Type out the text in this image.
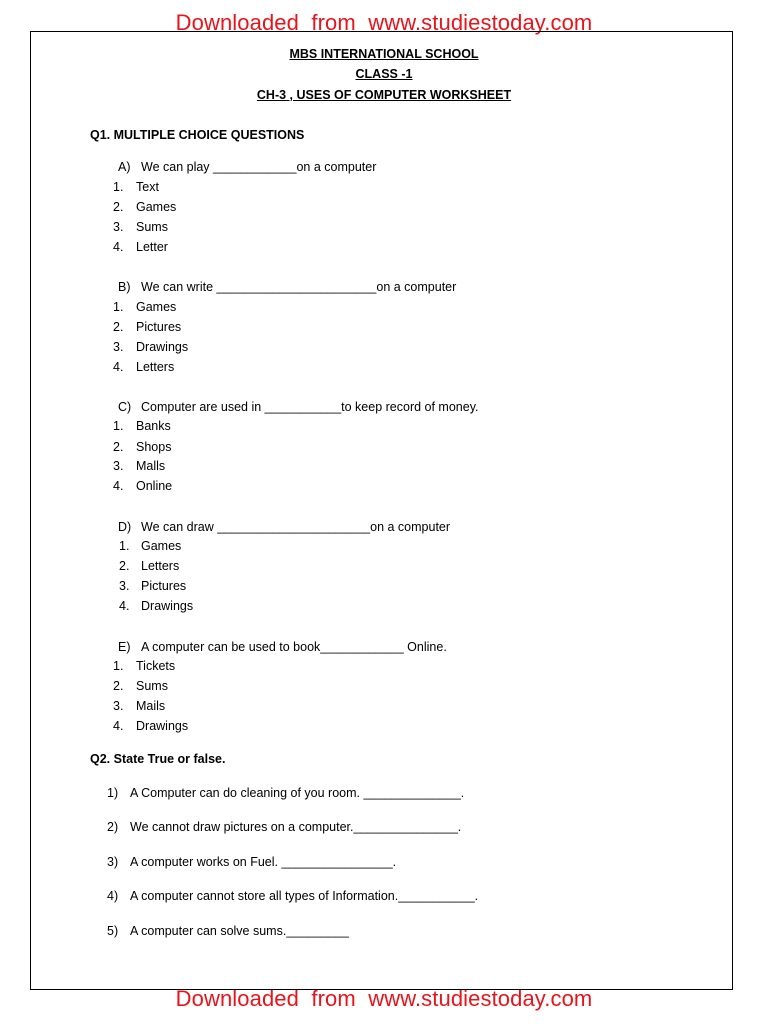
Downloaded  from  www.studiestoday.com
MBS INTERNATIONAL SCHOOL
CLASS -1
CH-3 , USES OF COMPUTER WORKSHEET
Q1. MULTIPLE CHOICE QUESTIONS
A) We can play ____________on a computer
1. Text
2. Games
3. Sums
4. Letter
B) We can write _______________________on a computer
1. Games
2. Pictures
3. Drawings
4. Letters
C) Computer are used in ___________to keep record of money.
1. Banks
2. Shops
3. Malls
4. Online
D) We can draw ______________________on a computer
1. Games
2. Letters
3. Pictures
4. Drawings
E) A computer can be used to book____________ Online.
1. Tickets
2. Sums
3. Mails
4. Drawings
Q2. State True or false.
1) A Computer can do cleaning of you room. ______________.
2) We cannot draw pictures on a computer._______________.
3) A computer works on Fuel. ________________.
4) A computer cannot store all types of Information.___________.
5) A computer can solve sums._________
Downloaded  from  www.studiestoday.com
